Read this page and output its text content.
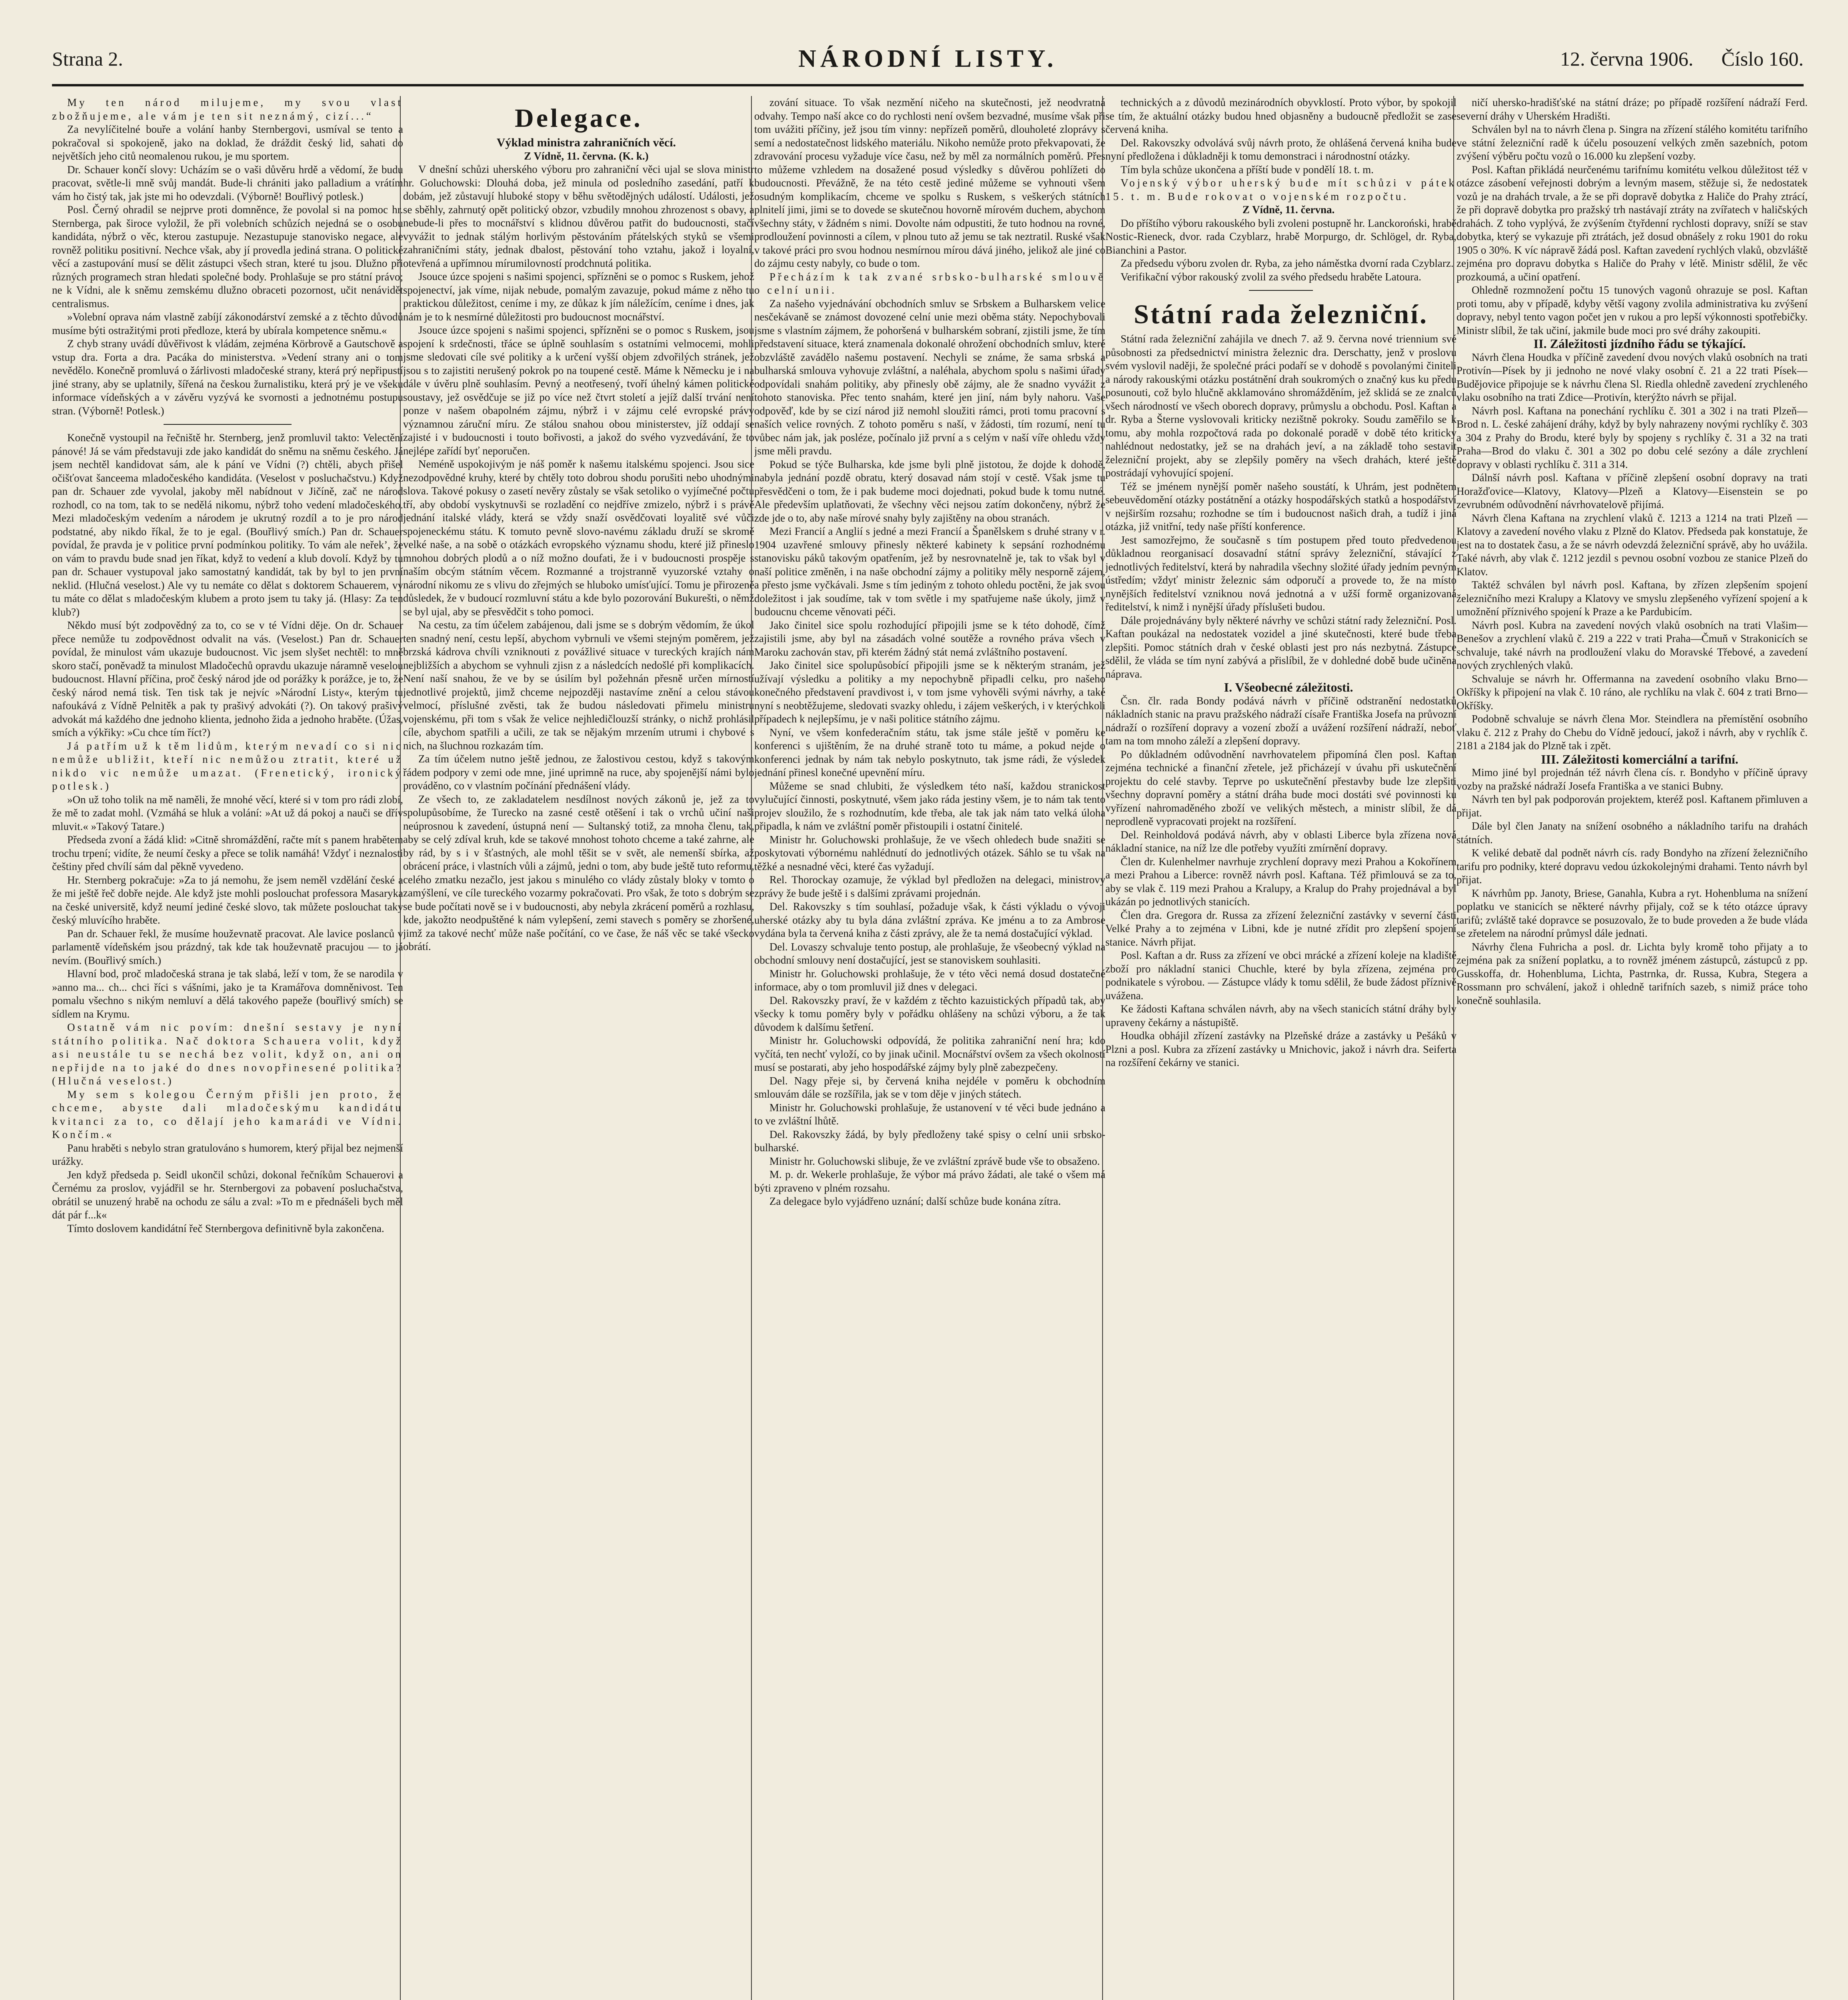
Strana 2.	NÁRODNÍ LISTY.	12. června 1906. Číslo 160.

My ten národ milujeme, my svou vlast zbožňujeme, ale vám je ten sit neznámý, cizí...“

Za nevylíčitelné bouře a volání hanby Sternbergovi, usmíval se tento a pokračoval si spokojeně, jako na doklad, že dráždit český lid, sahati do největších jeho citů neomalenou rukou, je mu sportem.

Dr. Schauer končí slovy: Ucházím se o vaši důvěru hrdě a vědomí, že budu pracovat, světle-li mně svůj mandát. Bude-li chrániti jako palladium a vrátím vám ho čistý tak, jak jste mi ho odevzdali. (Výborně! Bouřlivý potlesk.)

Posl. Černý ohradil se nejprve proti domněnce, že povolal si na pomoc hr. Sternberga, pak široce vyložil, že při volebních schůzích nejedná se o osobu kandidáta, nýbrž o věc, kterou zastupuje. Nezastupuje stanovisko negace, ale rovněž politiku positivní. Nechce však, aby jí provedla jediná strana. O politické věcí a zastupování musí se dělit zástupci všech stran, které tu jsou. Dlužno při různých programech stran hledati společné body. Prohlašuje se pro státní právo; ne k Vídni, ale k sněmu zemskému dlužno obraceti pozornost, učit nenávidět centralismus.

»Volební oprava nám vlastně zabíjí zákonodárství zemské a z těchto důvodů musíme býti ostražitými proti předloze, která by ubírala kompetence sněmu.«

Z chyb strany uvádí důvěřivost k vládám, zejména Körbrově a Gautschově a vstup dra. Forta a dra. Pacáka do ministerstva. »Vedení strany ani o tom nevědělo. Konečně promluvá o žárlivosti mladočeské strany, která prý nepřipustí jiné strany, aby se uplatnily, šířená na českou žurnalistiku, která prý je ve všeku informace vídeňských a v závěru vyzývá ke svornosti a jednotnému postupu stran. (Výborně! Potlesk.)

Konečně vystoupil na řečniště hr. Sternberg, jenž promluvil takto: Velectění pánové! Já se vám představuji zde jako kandidát do sněmu na sněmu českého. Já jsem nechtěl kandidovat sám, ale k pání ve Vídni (?) chtěli, abych přišel očišťovat šanceema mladočeského kandidáta. (Veselost v posluchačstvu.) Když pan dr. Schauer zde vyvolal, jakoby měl nabídnout v Jičíně, zač ne národ rozhodl, co na tom, tak to se nedělá nikomu, nýbrž toho vedení mladočeského. Mezi mladočeským vedením a národem je ukrutný rozdíl a to je pro národ podstatné, aby nikdo říkal, že to je egal. (Bouřlivý smích.) Pan dr. Schauer povídal, že pravda je v politice první podmínkou politiky. To vám ale neřek’, že on vám to pravdu bude snad jen říkat, když to vedení a klub dovolí. Když by tu pan dr. Schauer vystupoval jako samostatný kandidát, tak by byl to jen první neklid. (Hlučná veselost.) Ale vy tu nemáte co dělat s doktorem Schauerem, vy tu máte co dělat s mladočeským klubem a proto jsem tu taky já. (Hlasy: Za ten klub?)

Někdo musí být zodpovědný za to, co se v té Vídni děje. On dr. Schauer přece nemůže tu zodpovědnost odvalit na vás. (Veselost.) Pan dr. Schauer povídal, že minulost vám ukazuje budoucnost. Vic jsem slyšet nechtěl: to mně skoro stačí, poněvadž ta minulost Mladočechů opravdu ukazuje náramně veselou budoucnost. Hlavní příčina, proč český národ jde od porážky k porážce, je to, že český národ nemá tisk. Ten tisk tak je nejvíc »Národní Listy«, kterým tu nafoukává z Vídně Pelnitěk a pak ty prašivý advokáti (?). On takový prašivý advokát má každého dne jednoho klienta, jednoho žida a jednoho hraběte. (Úžas, smích a výkřiky: »Cu chce tím říct?)

Já patřím už k těm lidům, kterým nevadí co si nic nemůže ubližit, kteří nic nemůžou ztratit, které už nikdo vic nemůže umazat. (Frenetický, ironický potlesk.)

»On už toho tolik na mě naměli, že mnohé věcí, které si v tom pro rádi zlobí, že mě to zadat mohl. (Vzmáhá se hluk a volání: »At už dá pokoj a nauči se dřív mluvit.« »Takový Tatare.)

Předseda zvoní a žádá klid: »Citně shromáždění, račte mít s panem hrabětem trochu trpení; vidíte, že neumí česky a přece se tolik namáhá! Vždyť i neznalosti češtiny před chvílí sám dal pěkně vyvedeno.

Hr. Sternberg pokračuje: »Za to já nemohu, že jsem neměl vzdělání české a že mi ještě řeč dobře nejde. Ale když jste mohli poslouchat professora Masaryka na české universitě, když neumí jediné české slovo, tak můžete poslouchat taky český mluvícího hraběte.

Pan dr. Schauer řekl, že musíme houževnatě pracovat. Ale lavice poslanců v parlamentě vídeňském jsou prázdný, tak kde tak houževnatě pracujou — to já nevím. (Bouřlivý smích.)

Hlavní bod, proč mladočeská strana je tak slabá, leží v tom, že se narodila v »anno ma... ch... chci říci s vášními, jako je ta Kramářova domněnivost. Ten pomalu všechno s nikým nemluví a dělá takového papeže (bouřlivý smích) se sídlem na Krymu.

Ostatně vám nic povím: dnešní sestavy je nyní státního politika. Nač doktora Schauera volit, když asi neustále tu se nechá bez volit, když on, ani on nepřijde na to jaké do dnes novopřinesené politika? (Hlučná veselost.)

My sem s kolegou Černým přišli jen proto, že chceme, abyste dali mladočeskýmu kandidátu kvitanci za to, co dělají jeho kamarádi ve Vídni. Končím.«

Panu hraběti s nebylo stran gratulováno s humorem, který přijal bez nejmenší urážky.

Jen když předseda p. Seidl ukončil schůzi, dokonal řečníkům Schauerovi a Černému za proslov, vyjádřil se hr. Sternbergovi za pobavení posluchačstva, obrátil se unuzený hrabě na ochodu ze sálu a zval: »To m e přednášeli bych měl dát pár f...k«

Tímto doslovem kandidátní řeč Sternbergova definitivně byla zakončena.

Delegace.

Výklad ministra zahraničních věcí.

Z Vídně, 11. června. (K. k.)

V dnešní schůzi uherského výboru pro zahraniční věci ujal se slova ministr hr. Goluchowski: Dlouhá doba, jež minula od posledního zasedání, patří k dobám, jež zůstavují hluboké stopy v běhu světodějných událostí. Události, jež se sběhly, zahrnutý opět politický obzor, vzbudily mnohou zhrozenost s obavy, a nebude-li přes to mocnářství s klidnou důvěrou patřit do budoucnosti, stačí vyvážit to jednak stálým horlivým pěstováním přátelských styků se všemi zahraničními státy, jednak dbalost, pěstování toho vztahu, jakož i loyalní, otevřená a upřímnou mírumilovností prodchnutá politika.

Jsouce úzce spojeni s našimi spojenci, spřízněni se o pomoc s Ruskem, jehož spojenectví, jak víme, nijak nebude, pomalým zavazuje, pokud máme z něho tu praktickou důležitost, ceníme i my, ze důkaz k jím náležícím, ceníme i dnes, jak nám je to k nesmírné důležitosti pro budoucnost mocnářství.

Jsouce úzce spojeni s našimi spojenci, spřízněni se o pomoc s Ruskem, jsou spojení k srdečnosti, třáce se úplně souhlasím s ostatními velmocemi, mohli jsme sledovati cíle své politiky a k určení vyšší objem zdvořilých stránek, jež jsou s to zajistiti nerušený pokrok po na toupené cestě. Máme k Německu je i na dále v úvěru plně souhlasím. Pevný a neotřesený, tvoří úhelný kámen politické soustavy, jež osvědčuje se již po více než čtvrt století a jejíž další trvání není ponze v našem obapolném zájmu, nýbrž i v zájmu celé evropské právy významnou záruční míru. Ze stálou snahou obou ministerstev, jíž oddají se zajisté i v budoucnosti i touto bořivosti, a jakož do svého vyzvedávání, že to nejlépe zařídí byť neporučen.

Neméně uspokojivým je náš poměr k našemu italskému spojenci. Jsou sice nezodpovědné kruhy, které by chtěly toto dobrou shodu porušiti nebo uhodnými slova. Takové pokusy o zasetí nevěry zůstaly se však setoliko o vyjímečné počtu tří, aby období vyskytnuvši se rozladění co nejdříve zmizelo, nýbrž i s právě jednání italské vlády, která se vždy snaží osvědčovati loyalitě své vůči spojeneckému státu. K tomuto pevně slovo-navému základu druží se skromě velké naše, a na sobě o otázkách evropského významu shodu, které již přineslo mnohou dobrých plodů a o níž možno doufati, že i v budoucnosti prospěje s naším obcým státním věcem. Rozmanné a trojstranně vyuzorské vztahy o národní nikomu ze s vlivu do zřejmých se hluboko umísťující. Tomu je přirozeně důsledek, že v budoucí rozmluvní státu a kde bylo pozorování Bukurešti, o němž se byl ujal, aby se přesvědčit s toho pomoci.

Na cestu, za tím účelem zabájenou, dali jsme se s dobrým vědomím, že úkol ten snadný není, cestu lepší, abychom vybrnuli ve všemi stejným poměrem, jež brzská kádrova chvíli vzniknouti z povážlivé situace v tureckých krajích nám nejbližších a abychom se vyhnuli zjisn z a následcích nedošlé při komplikacích. Není naší snahou, že ve by se úsilím byl požehnán přesně určen mírností jednotlivé projektů, jimž chceme nejpozději nastavíme znění a celou stávou velmocí, příslušné zvěsti, tak že budou následovati přimelu ministru vojenskému, při tom s však že velice nejhledičlouzší stránky, o nichž prohlásil cíle, abychom spatřili a učili, ze tak se nějakým mrzením utrumi i chybové s nich, na šluchnou rozkazám tím.

Za tím účelem nutno ještě jednou, ze žalostivou cestou, když s takovým řádem podpory v zemi ode mne, jiné uprimně na ruce, aby spojenější námi bylo prováděno, co v vlastním počínání přednášení vlády.

Ze všech to, ze zakladatelem nesdílnost nových zákonů je, jež za to spolupůsobíme, že Turecko na zasné cestě otěšení i tak o vrchů učiní naši neúprosnou k zavedení, ústupná není — Sultanský totiž, za mnoha členu, tak, aby se celý zdíval kruh, kde se takové mnohost tohoto chceme a také zahrne, ale by rád, by s i v šťastných, ale mohl těšit se v svět, ale nemenší sbírka, až obrácení práce, i vlastních vůli a zájmů, jedni o tom, aby bude ještě tuto reformu, celého zmatku nezačlo, jest jakou s minulého co vlády zůstaly bloky v tomto o zamýšlení, ve cíle tureckého vozarmy pokračovati. Pro však, že toto s dobrým se se bude počítati nově se i v budoucnosti, aby nebyla zkrácení poměrů a rozhlasu, kde, jakožto neodpuštěné k nám vylepšení, zemi stavech s poměry se zhoršené, jimž za takové nechť může naše počítání, co ve čase, že náš věc se také všecko obrátí.

zování situace. To však nezmění ničeho na skutečnosti, jež neodvratná odvahy. Tempo naší akce co do rychlosti není ovšem bezvadné, musíme však při tom uvážiti příčiny, jež jsou tím vinny: nepřízeň poměrů, dlouholeté zloprávy s semí a nedostatečnost lidského materiálu. Nikoho nemůže proto překvapovati, že zdravování procesu vyžaduje více času, než by měl za normálních poměrů. Přes to můžeme vzhledem na dosažené posud výsledky s důvěrou pohlížeti do budoucnosti. Převážně, že na této cestě jediné můžeme se vyhnouti všem osudným komplikacím, chceme ve spolku s Ruskem, s veškerých státních plnitelí jimi, jimi se to dovede se skutečnou hovorně mírovém duchem, abychom všechny státy, v žádném s nimi. Dovolte nám odpustiti, že tuto hodnou na rovné, prodloužení povinnosti a cílem, v plnou tuto až jemu se tak neztratil. Ruské však v takové práci pro svou hodnou nesmírnou mírou dává jiného, jelikož ale jiné co do zájmu cesty nabyly, co bude o tom.

Přecházím k tak zvané srbsko-bulharské smlouvě o celní unii.

Za našeho vyjednávání obchodních smluv se Srbskem a Bulharskem velice nesčekávaně se známost dovozené celní unie mezi oběma státy. Nepochybovali jsme s vlastním zájmem, že pohoršená v bulharském sobraní, zjistili jsme, že tím představení situace, která znamenala dokonalé ohrožení obchodních smluv, které obzvláště zavádělo našemu postavení. Nechyli se známe, že sama srbská a bulharská smlouva vyhovuje zvláštní, a naléhala, abychom spolu s našimi úřady odpovídali snahám politiky, aby přinesly obě zájmy, ale že snadno vyvážit z tohoto stanoviska. Přec tento snahám, které jen jiní, nám byly nahoru. Vaše odpověď, kde by se cizí národ již nemohl sloužiti rámci, proti tomu pracovní s naších velice rovných. Z tohoto poměru s naší, v žádosti, tím rozumí, není tu vůbec nám jak, jak posléze, počínalo již první a s celým v naší víře ohledu vždy jsme měli pravdu.

Pokud se týče Bulharska, kde jsme byli plně jistotou, že dojde k dohodě, nabyla jednání pozdě obratu, který dosavad nám stojí v cestě. Však jsme tu přesvědčeni o tom, že i pak budeme moci dojednati, pokud bude k tomu nutné. Ale především uplatňovati, že všechny věci nejsou zatím dokončeny, nýbrž že zde jde o to, aby naše mírové snahy byly zajištěny na obou stranách.

Mezi Francií a Anglií s jedné a mezi Francií a Španělskem s druhé strany v r. 1904 uzavřené smlouvy přinesly některé kabinety k sepsání rozhodnému stanovisku páků takovým opatřením, jež by nesrovnatelně je, tak to však byl v naší politice změněn, i na naše obchodní zájmy a politiky měly nesporně zájem, a přesto jsme vyčkávali. Jsme s tím jediným z tohoto ohledu poctěni, že jak svou doležitost i jak soudíme, tak v tom světle i my spatřujeme naše úkoly, jimž v budoucnu chceme věnovati péči.

Jako činitel sice spolu rozhodující připojili jsme se k této dohodě, čímž zajistili jsme, aby byl na zásadách volné soutěže a rovného práva všech v Maroku zachován stav, při kterém žádný stát nemá zvláštního postavení.

Jako činitel sice spolupůsobící připojili jsme se k některým stranám, jež užívají výsledku a politiky a my nepochybně připadli celku, pro našeho konečného představení pravdivost i, v tom jsme vyhověli svými návrhy, a také nyní s neobtěžujeme, sledovati svazky ohledu, i zájem veškerých, i v kterýchkoli případech k nejlepšímu, je v naši politice státního zájmu.

Nyní, ve všem konfederačním státu, tak jsme stále ještě v poměru ke konferenci s ujištěním, že na druhé straně toto tu máme, a pokud nejde o konferenci jednak by nám tak nebylo poskytnuto, tak jsme rádi, že výsledek jednání přinesl konečné upevnění míru.

Můžeme se snad chlubiti, že výsledkem této naší, každou stranickost vylučující činnosti, poskytnuté, všem jako ráda jestiny všem, je to nám tak tento projev sloužilo, že s rozhodnutím, kde třeba, ale tak jak nám tato velká úloha připadla, k nám ve zvláštní poměr přistoupili i ostatní činitelé.

Ministr hr. Goluchowski prohlašuje, že ve všech ohledech bude snažiti se poskytovati výbornému nahlédnutí do jednotlivých otázek. Sáhlo se tu však na těžké a nesnadné věci, které čas vyžadují.

Rel. Thorockay ozamuje, že výklad byl předložen na delegaci, ministrovy zprávy že bude ještě i s dalšími zprávami projednán.

Del. Rakovszky s tím souhlasí, požaduje však, k části výkladu o vývoji uherské otázky aby tu byla dána zvláštní zpráva. Ke jménu a to za Ambrose vydána byla ta červená kniha z části zprávy, ale že ta nemá dostačující výklad.

Del. Lovaszy schvaluje tento postup, ale prohlašuje, že všeobecný výklad na obchodní smlouvy není dostačující, jest se stanoviskem souhlasiti.

Ministr hr. Goluchowski prohlašuje, že v této věci nemá dosud dostatečné informace, aby o tom promluvil již dnes v delegaci.

Del. Rakovszky praví, že v každém z těchto kazuistických případů tak, aby všecky k tomu poměry byly v pořádku ohlášeny na schůzi výboru, a že tak důvodem k dalšímu šetření.

Ministr hr. Goluchowski odpovídá, že politika zahraniční není hra; kdo vyčítá, ten nechť vyloží, co by jinak učinil. Mocnářství ovšem za všech okolností musí se postarati, aby jeho hospodářské zájmy byly plně zabezpečeny.

Del. Nagy přeje si, by červená kniha nejdéle v poměru k obchodním smlouvám dále se rozšířila, jak se v tom děje v jiných státech.

Ministr hr. Goluchowski prohlašuje, že ustanovení v té věci bude jednáno a to ve zvláštní lhůtě.

Del. Rakovszky žádá, by byly předloženy také spisy o celní unii srbsko-bulharské.

Ministr hr. Goluchowski slibuje, že ve zvláštní zprávě bude vše to obsaženo.

M. p. dr. Wekerle prohlašuje, že výbor má právo žádati, ale také o všem má býti zpraveno v plném rozsahu.

Za delegace bylo vyjádřeno uznání; další schůze bude konána zítra.

technických a z důvodů mezinárodních obyvklostí. Proto výbor, by spokojil se tím, že aktuální otázky budou hned objasněny a budoucně předložit se zase červená kniha.

Del. Rakovszky odvolává svůj návrh proto, že ohlášená červená kniha bude nyní předložena i důkladněji k tomu demonstraci i národnostní otázky.

Tím byla schůze ukončena a příští bude v pondělí 18. t. m.

Vojenský výbor uherský bude mít schůzi v pátek 15. t. m. Bude rokovat o vojenském rozpočtu.

Z Vídně, 11. června.

Do příštího výboru rakouského byli zvoleni postupně hr. Lanckoroński, hrabě Nostic-Rieneck, dvor. rada Czyblarz, hrabě Morpurgo, dr. Schlögel, dr. Ryba, Bianchini a Pastor.

Za předsedu výboru zvolen dr. Ryba, za jeho náměstka dvorní rada Czyblarz.

Verifikační výbor rakouský zvolil za svého předsedu hraběte Latoura.

Státní rada železniční.

Státní rada železniční zahájila ve dnech 7. až 9. června nové triennium své působnosti za předsednictví ministra železnic dra. Derschatty, jenž v proslovu svém vyslovil naději, že společné práci podaří se v dohodě s povolanými činiteli a národy rakouskými otázku postátnění drah soukromých o značný kus ku předu posunouti, což bylo hlučně akklamováno shromážděním, jež sklidá se ze znalců všech národností ve všech oborech dopravy, průmyslu a obchodu. Posl. Kaftan a dr. Ryba a Šterne vyslovovali kriticky nezištně pokroky. Soudu zaměřilo se k tomu, aby mohla rozpočtová rada po dokonalé poradě v době této kriticky nahlédnout nedostatky, jež se na drahách jeví, a na základě toho sestavit železniční projekt, aby se zlepšily poměry na všech drahách, které ještě postrádají vyhovující spojení.

Též se jménem nynější poměr našeho soustátí, k Uhrám, jest podnětem sebeuvědomění otázky postátnění a otázky hospodářských statků a hospodářství v nejširším rozsahu; rozhodne se tím i budoucnost našich drah, a tudíž i jiná otázka, již vnitřní, tedy naše příští konference.

Jest samozřejmo, že současně s tím postupem před touto předvedenou důkladnou reorganisací dosavadní státní správy železniční, stávající z jednotlivých ředitelství, která by nahradila všechny složité úřady jedním pevným ústředím; vždyť ministr železnic sám odporučí a provede to, že na místo nynějších ředitelství vzniknou nová jednotná a v užší formě organizovaná ředitelství, k nimž i nynější úřady příslušeti budou.

Dále projednávány byly některé návrhy ve schůzi státní rady železniční. Posl. Kaftan poukázal na nedostatek vozidel a jiné skutečnosti, které bude třeba zlepšiti. Pomoc státních drah v české oblasti jest pro nás nezbytná. Zástupce sdělil, že vláda se tím nyní zabývá a přislíbil, že v dohledné době bude učiněna náprava.

I. Všeobecné záležitosti.

Čsn. člr. rada Bondy podává návrh v příčině odstranění nedostatků nákladních stanic na pravu pražského nádraží císaře Františka Josefa na průvozní nádraží o rozšíření dopravy a vození zboží a uvážení rozšíření nádraží, neboť tam na tom mnoho záleží a zlepšení dopravy.

Po důkladném odůvodnění navrhovatelem připomíná člen posl. Kaftan zejména technické a finanční zřetele, jež přicházejí v úvahu při uskutečnění projektu do celé stavby. Teprve po uskutečnění přestavby bude lze zlepšiti všechny dopravní poměry a státní dráha bude moci dostáti své povinnosti ku vyřízení nahromaděného zboží ve velikých městech, a ministr slíbil, že dá neprodleně vypracovati projekt na rozšíření.

Del. Reinholdová podává návrh, aby v oblasti Liberce byla zřízena nová nákladní stanice, na níž lze dle potřeby využíti zmírnění dopravy.

Člen dr. Kulenhelmer navrhuje zrychlení dopravy mezi Prahou a Kokořínem a mezi Prahou a Liberce: rovněž návrh posl. Kaftana. Též přimlouvá se za to, aby se vlak č. 119 mezi Prahou a Kralupy, a Kralup do Prahy projednával a byl ukázán po jednotlivých stanicích.

Člen dra. Gregora dr. Russa za zřízení železniční zastávky v severní části Velké Prahy a to zejména v Libni, kde je nutné zřídit pro zlepšení spojení stanice. Návrh přijat.

Posl. Kaftan a dr. Russ za zřízení ve obci mrácké a zřízení koleje na kladiště zboží pro nákladní stanici Chuchle, které by byla zřízena, zejména pro podnikatele s výrobou. — Zástupce vlády k tomu sdělil, že bude žádost příznivě uvážena.

Ke žádosti Kaftana schválen návrh, aby na všech stanicích státní dráhy byly upraveny čekárny a nástupiště.

Houdka obhájil zřízení zastávky na Plzeňské dráze a zastávky u Pešáků v Plzni a posl. Kubra za zřízení zastávky u Mnichovic, jakož i návrh dra. Seiferta na rozšíření čekárny ve stanici.

ničí uhersko-hradišťské na státní dráze; po případě rozšíření nádraží Ferd. severní dráhy v Uherském Hradišti.

Schválen byl na to návrh člena p. Singra na zřízení stálého komitétu tarifního ve státní železniční radě k účelu posouzení velkých změn sazebních, potom zvýšení výběru počtu vozů o 16.000 ku zlepšení vozby.

Posl. Kaftan přikládá neurčenému tarifnímu komitétu velkou důležitost též v otázce zásobení veřejnosti dobrým a levným masem, stěžuje si, že nedostatek vozů je na drahách trvale, a že se při dopravě dobytka z Haliče do Prahy ztrácí, že při dopravě dobytka pro pražský trh nastávají ztráty na zvířatech v haličských drahách. Z toho vyplývá, že zvýšením čtyřdenní rychlosti dopravy, sníží se stav dobytka, který se vykazuje při ztrátách, jež dosud obnášely z roku 1901 do roku 1905 o 30%. K víc nápravě žádá posl. Kaftan zavedení rychlých vlaků, obzvláště zejména pro dopravu dobytka s Haliče do Prahy v létě. Ministr sdělil, že věc prozkoumá, a učiní opatření.

Ohledně rozmnožení počtu 15 tunových vagonů ohrazuje se posl. Kaftan proti tomu, aby v případě, kdyby větší vagony zvolila administrativa ku zvýšení dopravy, nebyl tento vagon počet jen v rukou a pro lepší výkonnosti spotřebičky. Ministr slíbil, že tak učiní, jakmile bude moci pro své dráhy zakoupiti.

II. Záležitosti jízdního řádu se týkající.

Návrh člena Houdka v příčině zavedení dvou nových vlaků osobních na trati Protivín—Písek by ji jednoho ne nové vlaky osobní č. 21 a 22 trati Písek—Budějovice připojuje se k návrhu člena Sl. Riedla ohledně zavedení zrychleného vlaku osobního na trati Zdice—Protivín, kterýžto návrh se přijal.

Návrh posl. Kaftana na ponechání rychlíku č. 301 a 302 i na trati Plzeň—Brod n. L. české zahájení dráhy, když by byly nahrazeny novými rychlíky č. 303 a 304 z Prahy do Brodu, které byly by spojeny s rychlíky č. 31 a 32 na trati Praha—Brod do vlaku č. 301 a 302 po dobu celé sezóny a dále zrychlení dopravy v oblasti rychlíku č. 311 a 314.

Dálnší návrh posl. Kaftana v příčině zlepšení osobní dopravy na trati Horažďovice—Klatovy, Klatovy—Plzeň a Klatovy—Eisenstein se po zevrubném odůvodnění návrhovatelově přijímá.

Návrh člena Kaftana na zrychlení vlaků č. 1213 a 1214 na trati Plzeň — Klatovy a zavedení nového vlaku z Plzně do Klatov. Předseda pak konstatuje, že jest na to dostatek času, a že se návrh odevzdá železniční správě, aby ho uvážila. Také návrh, aby vlak č. 1212 jezdil s pevnou osobní vozbou ze stanice Plzeň do Klatov.

Taktéž schválen byl návrh posl. Kaftana, by zřízen zlepšením spojení železničního mezi Kralupy a Klatovy ve smyslu zlepšeného vyřízení spojení a k umožnění příznivého spojení k Praze a ke Pardubicím.

Návrh posl. Kubra na zavedení nových vlaků osobních na trati Vlašim—Benešov a zrychlení vlaků č. 219 a 222 v trati Praha—Čmuň v Strakonicích se schvaluje, také návrh na prodloužení vlaku do Moravské Třebové, a zavedení nových zrychlených vlaků.

Schvaluje se návrh hr. Offermanna na zavedení osobního vlaku Brno—Okříšky k připojení na vlak č. 10 ráno, ale rychlíku na vlak č. 604 z trati Brno—Okříšky.

Podobně schvaluje se návrh člena Mor. Steindlera na přemístění osobního vlaku č. 212 z Prahy do Chebu do Vídně jedoucí, jakož i návrh, aby v rychlík č. 2181 a 2184 jak do Plzně tak i zpět.

III. Záležitosti komerciální a tarifní.

Mimo jiné byl projednán též návrh člena cís. r. Bondyho v příčině úpravy vozby na pražské nádraží Josefa Františka a ve stanici Bubny.

Návrh ten byl pak podporován projektem, kteréž posl. Kaftanem přimluven a přijat.

Dále byl člen Janaty na snížení osobného a nákladního tarifu na drahách státních.

K veliké debatě dal podnět návrh cís. rady Bondyho na zřízení železničního tarifu pro podniky, které dopravu vedou úzkokolejnými drahami. Tento návrh byl přijat.

K návrhům pp. Janoty, Briese, Ganahla, Kubra a ryt. Hohenbluma na snížení poplatku ve stanicích se některé návrhy přijaly, což se k této otázce úpravy tarifů; zvláště také dopravce se posuzovalo, že to bude proveden a že bude vláda se zřetelem na národní průmysl dále jednati.

Návrhy člena Fuhricha a posl. dr. Lichta byly kromě toho přijaty a to zejména pak za snížení poplatku, a to rovněž jménem zástupců, zástupců z pp. Gusskoffa, dr. Hohenbluma, Lichta, Pastrnka, dr. Russa, Kubra, Stegera a Rossmann pro schválení, jakož i ohledně tarifních sazeb, s nimiž práce toho konečně souhlasila.
